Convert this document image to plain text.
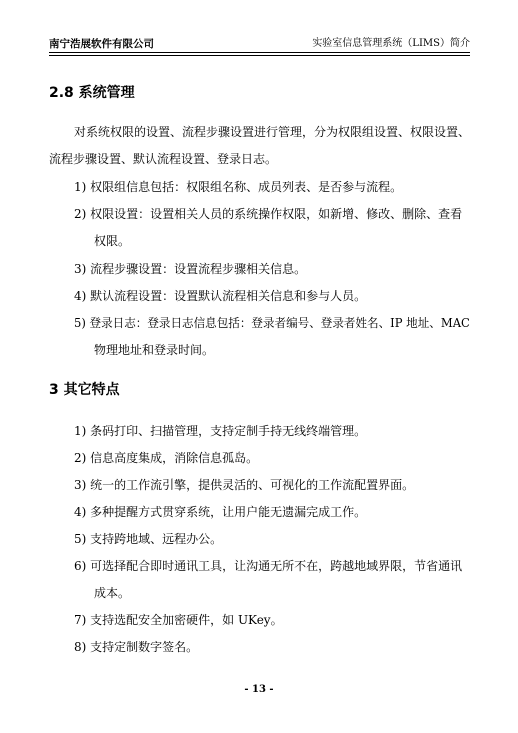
南宁浩展软件有限公司	实验室信息管理系统（LIMS）简介
2.8 系统管理
对系统权限的设置、流程步骤设置进行管理，分为权限组设置、权限设置、
流程步骤设置、默认流程设置、登录日志。
1) 权限组信息包括：权限组名称、成员列表、是否参与流程。
2) 权限设置：设置相关人员的系统操作权限，如新增、修改、删除、查看
权限。
3) 流程步骤设置：设置流程步骤相关信息。
4) 默认流程设置：设置默认流程相关信息和参与人员。
5) 登录日志：登录日志信息包括：登录者编号、登录者姓名、IP 地址、MAC
物理地址和登录时间。
3 其它特点
1) 条码打印、扫描管理，支持定制手持无线终端管理。
2) 信息高度集成，消除信息孤岛。
3) 统一的工作流引擎，提供灵活的、可视化的工作流配置界面。
4) 多种提醒方式贯穿系统，让用户能无遗漏完成工作。
5) 支持跨地域、远程办公。
6) 可选择配合即时通讯工具，让沟通无所不在，跨越地域界限，节省通讯
成本。
7) 支持选配安全加密硬件，如 UKey。
8) 支持定制数字签名。
- 13 -
